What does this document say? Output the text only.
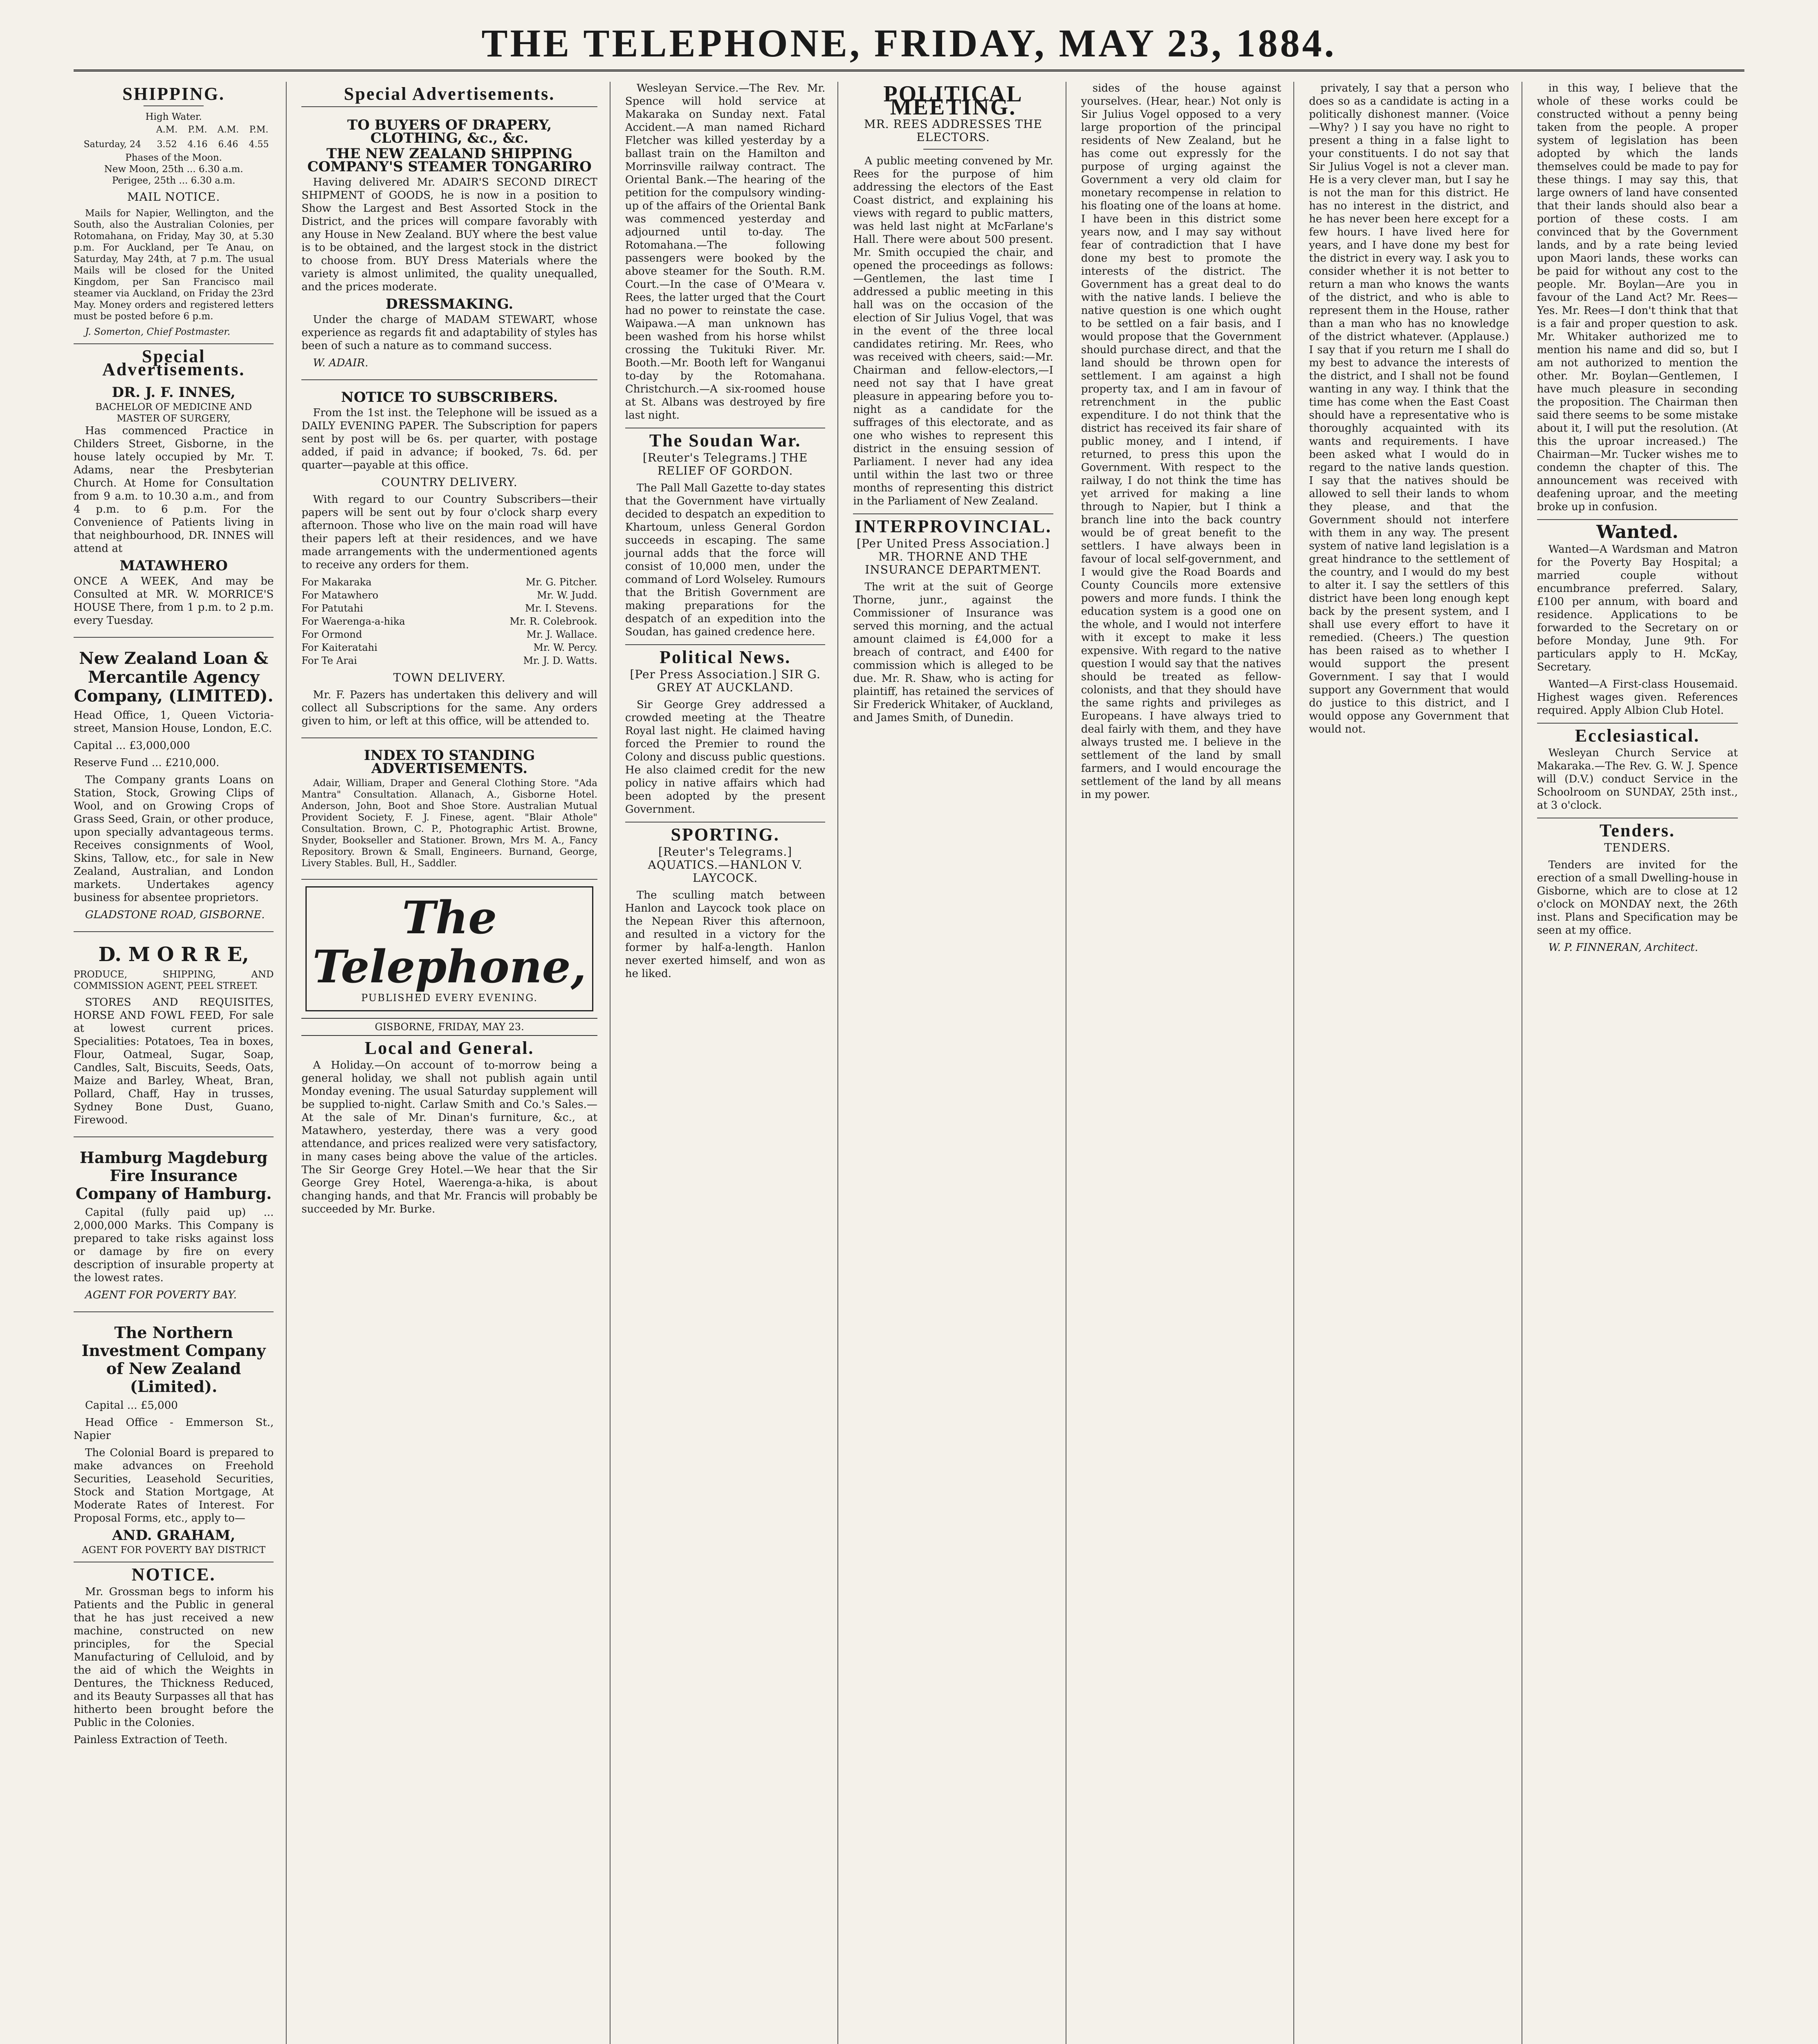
THE TELEPHONE, FRIDAY, MAY 23, 1884.
SHIPPING.
High Water.
	A.M.	P.M.	A.M.	P.M.
Saturday, 24	3.52	4.16	6.46	4.55
Phases of the Moon.
New Moon, 25th ... 6.30 a.m.
Perigee, 25th ... 6.30 a.m.
MAIL NOTICE.

Mails for Napier, Wellington, and the South, also the Australian Colonies, per Rotomahana, on Friday, May 30, at 5.30 p.m. For Auckland, per Te Anau, on Saturday, May 24th, at 7 p.m. The usual Mails will be closed for the United Kingdom, per San Francisco mail steamer via Auckland, on Friday the 23rd May. Money orders and registered letters must be posted before 6 p.m.

J. Somerton, Chief Postmaster.

Special Advertisements.
DR. J. F. INNES,
BACHELOR OF MEDICINE AND MASTER OF SURGERY,

Has commenced Practice in Childers Street, Gisborne, in the house lately occupied by Mr. T. Adams, near the Presbyterian Church. At Home for Consultation from 9 a.m. to 10.30 a.m., and from 4 p.m. to 6 p.m. For the Convenience of Patients living in that neighbourhood, DR. INNES will attend at

MATAWHERO

ONCE A WEEK, And may be Consulted at MR. W. MORRICE'S HOUSE There, from 1 p.m. to 2 p.m. every Tuesday.

New Zealand Loan & Mercantile Agency Company, (LIMITED).

Head Office, 1, Queen Victoria-street, Mansion House, London, E.C.

Capital ... £3,000,000

Reserve Fund ... £210,000.

The Company grants Loans on Station, Stock, Growing Clips of Wool, and on Growing Crops of Grass Seed, Grain, or other produce, upon specially advantageous terms. Receives consignments of Wool, Skins, Tallow, etc., for sale in New Zealand, Australian, and London markets. Undertakes agency business for absentee proprietors.

GLADSTONE ROAD, GISBORNE.

D. M O R R E,

PRODUCE, SHIPPING, AND COMMISSION AGENT, PEEL STREET.

STORES AND REQUISITES, HORSE AND FOWL FEED, For sale at lowest current prices. Specialities: Potatoes, Tea in boxes, Flour, Oatmeal, Sugar, Soap, Candles, Salt, Biscuits, Seeds, Oats, Maize and Barley, Wheat, Bran, Pollard, Chaff, Hay in trusses, Sydney Bone Dust, Guano, Firewood.

Hamburg Magdeburg Fire Insurance Company of Hamburg.

Capital (fully paid up) ... 2,000,000 Marks. This Company is prepared to take risks against loss or damage by fire on every description of insurable property at the lowest rates.

AGENT FOR POVERTY BAY.

The Northern Investment Company of New Zealand (Limited).

Capital ... £5,000

Head Office - Emmerson St., Napier

The Colonial Board is prepared to make advances on Freehold Securities, Leasehold Securities, Stock and Station Mortgage, At Moderate Rates of Interest. For Proposal Forms, etc., apply to—

AND. GRAHAM,
AGENT FOR POVERTY BAY DISTRICT
NOTICE.

Mr. Grossman begs to inform his Patients and the Public in general that he has just received a new machine, constructed on new principles, for the Special Manufacturing of Celluloid, and by the aid of which the Weights in Dentures, the Thickness Reduced, and its Beauty Surpasses all that has hitherto been brought before the Public in the Colonies.

Painless Extraction of Teeth.

Special Advertisements.
TO BUYERS OF DRAPERY, CLOTHING, &c., &c.
THE NEW ZEALAND SHIPPING COMPANY'S STEAMER TONGARIRO

Having delivered Mr. ADAIR'S SECOND DIRECT SHIPMENT of GOODS, he is now in a position to Show the Largest and Best Assorted Stock in the District, and the prices will compare favorably with any House in New Zealand. BUY where the best value is to be obtained, and the largest stock in the district to choose from. BUY Dress Materials where the variety is almost unlimited, the quality unequalled, and the prices moderate.

DRESSMAKING.

Under the charge of MADAM STEWART, whose experience as regards fit and adaptability of styles has been of such a nature as to command success.

W. ADAIR.

NOTICE TO SUBSCRIBERS.

From the 1st inst. the Telephone will be issued as a DAILY EVENING PAPER. The Subscription for papers sent by post will be 6s. per quarter, with postage added, if paid in advance; if booked, 7s. 6d. per quarter—payable at this office.

COUNTRY DELIVERY.

With regard to our Country Subscribers—their papers will be sent out by four o'clock sharp every afternoon. Those who live on the main road will have their papers left at their residences, and we have made arrangements with the undermentioned agents to receive any orders for them.

For Makaraka	Mr. G. Pitcher.
For Matawhero	Mr. W. Judd.
For Patutahi	Mr. I. Stevens.
For Waerenga-a-hika	Mr. R. Colebrook.
For Ormond	Mr. J. Wallace.
For Kaiteratahi	Mr. W. Percy.
For Te Arai	Mr. J. D. Watts.
TOWN DELIVERY.

Mr. F. Pazers has undertaken this delivery and will collect all Subscriptions for the same. Any orders given to him, or left at this office, will be attended to.

INDEX TO STANDING ADVERTISEMENTS.

Adair, William, Draper and General Clothing Store. "Ada Mantra" Consultation. Allanach, A., Gisborne Hotel. Anderson, John, Boot and Shoe Store. Australian Mutual Provident Society, F. J. Finese, agent. "Blair Athole" Consultation. Brown, C. P., Photographic Artist. Browne, Snyder, Bookseller and Stationer. Brown, Mrs M. A., Fancy Repository. Brown & Small, Engineers. Burnand, George, Livery Stables. Bull, H., Saddler.

The Telephone,
PUBLISHED EVERY EVENING.
GISBORNE, FRIDAY, MAY 23.
Local and General.

A Holiday.—On account of to-morrow being a general holiday, we shall not publish again until Monday evening. The usual Saturday supplement will be supplied to-night. Carlaw Smith and Co.'s Sales.—At the sale of Mr. Dinan's furniture, &c., at Matawhero, yesterday, there was a very good attendance, and prices realized were very satisfactory, in many cases being above the value of the articles. The Sir George Grey Hotel.—We hear that the Sir George Grey Hotel, Waerenga-a-hika, is about changing hands, and that Mr. Francis will probably be succeeded by Mr. Burke.

Wesleyan Service.—The Rev. Mr. Spence will hold service at Makaraka on Sunday next. Fatal Accident.—A man named Richard Fletcher was killed yesterday by a ballast train on the Hamilton and Morrinsville railway contract. The Oriental Bank.—The hearing of the petition for the compulsory winding-up of the affairs of the Oriental Bank was commenced yesterday and adjourned until to-day. The Rotomahana.—The following passengers were booked by the above steamer for the South. R.M. Court.—In the case of O'Meara v. Rees, the latter urged that the Court had no power to reinstate the case. Waipawa.—A man unknown has been washed from his horse whilst crossing the Tukituki River. Mr. Booth.—Mr. Booth left for Wanganui to-day by the Rotomahana. Christchurch.—A six-roomed house at St. Albans was destroyed by fire last night.

The Soudan War.
[Reuter's Telegrams.] THE RELIEF OF GORDON.

The Pall Mall Gazette to-day states that the Government have virtually decided to despatch an expedition to Khartoum, unless General Gordon succeeds in escaping. The same journal adds that the force will consist of 10,000 men, under the command of Lord Wolseley. Rumours that the British Government are making preparations for the despatch of an expedition into the Soudan, has gained credence here.

Political News.
[Per Press Association.] SIR G. GREY AT AUCKLAND.

Sir George Grey addressed a crowded meeting at the Theatre Royal last night. He claimed having forced the Premier to round the Colony and discuss public questions. He also claimed credit for the new policy in native affairs which had been adopted by the present Government.

SPORTING.
[Reuter's Telegrams.] AQUATICS.—HANLON V. LAYCOCK.

The sculling match between Hanlon and Laycock took place on the Nepean River this afternoon, and resulted in a victory for the former by half-a-length. Hanlon never exerted himself, and won as he liked.

POLITICAL MEETING.
MR. REES ADDRESSES THE ELECTORS.

A public meeting convened by Mr. Rees for the purpose of him addressing the electors of the East Coast district, and explaining his views with regard to public matters, was held last night at McFarlane's Hall. There were about 500 present. Mr. Smith occupied the chair, and opened the proceedings as follows:—Gentlemen, the last time I addressed a public meeting in this hall was on the occasion of the election of Sir Julius Vogel, that was in the event of the three local candidates retiring. Mr. Rees, who was received with cheers, said:—Mr. Chairman and fellow-electors,—I need not say that I have great pleasure in appearing before you to-night as a candidate for the suffrages of this electorate, and as one who wishes to represent this district in the ensuing session of Parliament. I never had any idea until within the last two or three months of representing this district in the Parliament of New Zealand.

INTERPROVINCIAL.
[Per United Press Association.] MR. THORNE AND THE INSURANCE DEPARTMENT.

The writ at the suit of George Thorne, junr., against the Commissioner of Insurance was served this morning, and the actual amount claimed is £4,000 for a breach of contract, and £400 for commission which is alleged to be due. Mr. R. Shaw, who is acting for plaintiff, has retained the services of Sir Frederick Whitaker, of Auckland, and James Smith, of Dunedin.

sides of the house against yourselves. (Hear, hear.) Not only is Sir Julius Vogel opposed to a very large proportion of the principal residents of New Zealand, but he has come out expressly for the purpose of urging against the Government a very old claim for monetary recompense in relation to his floating one of the loans at home. I have been in this district some years now, and I may say without fear of contradiction that I have done my best to promote the interests of the district. The Government has a great deal to do with the native lands. I believe the native question is one which ought to be settled on a fair basis, and I would propose that the Government should purchase direct, and that the land should be thrown open for settlement. I am against a high property tax, and I am in favour of retrenchment in the public expenditure. I do not think that the district has received its fair share of public money, and I intend, if returned, to press this upon the Government. With respect to the railway, I do not think the time has yet arrived for making a line through to Napier, but I think a branch line into the back country would be of great benefit to the settlers. I have always been in favour of local self-government, and I would give the Road Boards and County Councils more extensive powers and more funds. I think the education system is a good one on the whole, and I would not interfere with it except to make it less expensive. With regard to the native question I would say that the natives should be treated as fellow-colonists, and that they should have the same rights and privileges as Europeans. I have always tried to deal fairly with them, and they have always trusted me. I believe in the settlement of the land by small farmers, and I would encourage the settlement of the land by all means in my power.

privately, I say that a person who does so as a candidate is acting in a politically dishonest manner. (Voice—Why? ) I say you have no right to present a thing in a false light to your constituents. I do not say that Sir Julius Vogel is not a clever man. He is a very clever man, but I say he is not the man for this district. He has no interest in the district, and he has never been here except for a few hours. I have lived here for years, and I have done my best for the district in every way. I ask you to consider whether it is not better to return a man who knows the wants of the district, and who is able to represent them in the House, rather than a man who has no knowledge of the district whatever. (Applause.) I say that if you return me I shall do my best to advance the interests of the district, and I shall not be found wanting in any way. I think that the time has come when the East Coast should have a representative who is thoroughly acquainted with its wants and requirements. I have been asked what I would do in regard to the native lands question. I say that the natives should be allowed to sell their lands to whom they please, and that the Government should not interfere with them in any way. The present system of native land legislation is a great hindrance to the settlement of the country, and I would do my best to alter it. I say the settlers of this district have been long enough kept back by the present system, and I shall use every effort to have it remedied. (Cheers.) The question has been raised as to whether I would support the present Government. I say that I would support any Government that would do justice to this district, and I would oppose any Government that would not.

in this way, I believe that the whole of these works could be constructed without a penny being taken from the people. A proper system of legislation has been adopted by which the lands themselves could be made to pay for these things. I may say this, that large owners of land have consented that their lands should also bear a portion of these costs. I am convinced that by the Government lands, and by a rate being levied upon Maori lands, these works can be paid for without any cost to the people. Mr. Boylan—Are you in favour of the Land Act? Mr. Rees—Yes. Mr. Rees—I don't think that that is a fair and proper question to ask. Mr. Whitaker authorized me to mention his name and did so, but I am not authorized to mention the other. Mr. Boylan—Gentlemen, I have much pleasure in seconding the proposition. The Chairman then said there seems to be some mistake about it, I will put the resolution. (At this the uproar increased.) The Chairman—Mr. Tucker wishes me to condemn the chapter of this. The announcement was received with deafening uproar, and the meeting broke up in confusion.

Wanted.

Wanted—A Wardsman and Matron for the Poverty Bay Hospital; a married couple without encumbrance preferred. Salary, £100 per annum, with board and residence. Applications to be forwarded to the Secretary on or before Monday, June 9th. For particulars apply to H. McKay, Secretary.

Wanted—A First-class Housemaid. Highest wages given. References required. Apply Albion Club Hotel.

Ecclesiastical.

Wesleyan Church Service at Makaraka.—The Rev. G. W. J. Spence will (D.V.) conduct Service in the Schoolroom on SUNDAY, 25th inst., at 3 o'clock.

Tenders.
TENDERS.

Tenders are invited for the erection of a small Dwelling-house in Gisborne, which are to close at 12 o'clock on MONDAY next, the 26th inst. Plans and Specification may be seen at my office.

W. P. FINNERAN, Architect.
